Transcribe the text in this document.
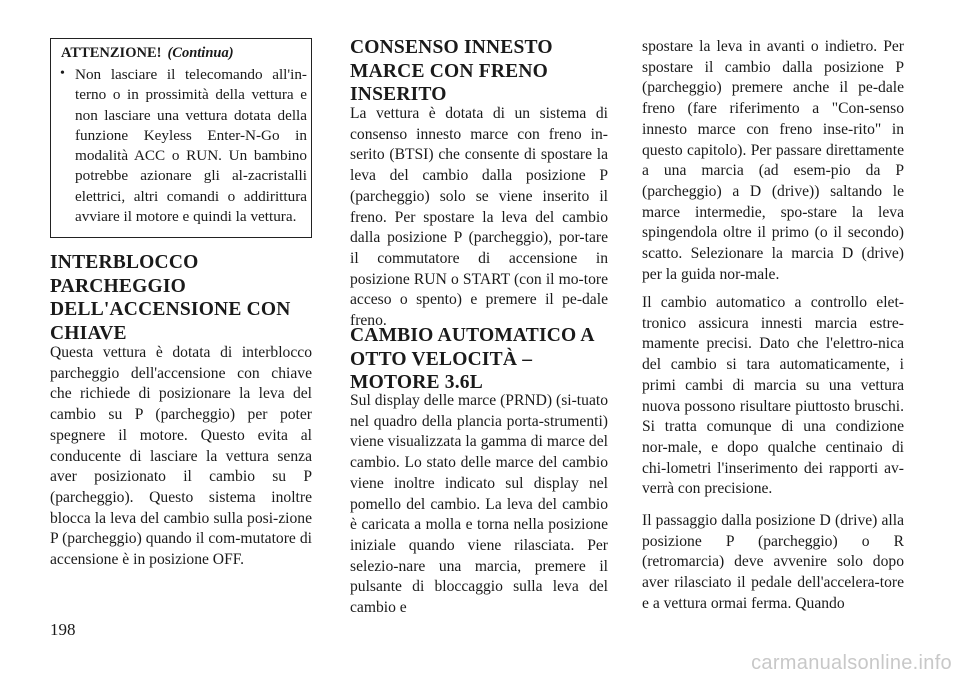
ATTENZIONE! (Continua)
• Non lasciare il telecomando all'in-terno o in prossimità della vettura e non lasciare una vettura dotata della funzione Keyless Enter-N-Go in modalità ACC o RUN. Un bambino potrebbe azionare gli al-zacristalli elettrici, altri comandi o addirittura avviare il motore e quindi la vettura.
INTERBLOCCO PARCHEGGIO DELL'ACCENSIONE CON CHIAVE

Questa vettura è dotata di interblocco parcheggio dell'accensione con chiave che richiede di posizionare la leva del cambio su P (parcheggio) per poter spegnere il motore. Questo evita al conducente di lasciare la vettura senza aver posizionato il cambio su P (parcheggio). Questo sistema inoltre blocca la leva del cambio sulla posi-zione P (parcheggio) quando il com-mutatore di accensione è in posizione OFF.

CONSENSO INNESTO MARCE CON FRENO INSERITO

La vettura è dotata di un sistema di consenso innesto marce con freno in-serito (BTSI) che consente di spostare la leva del cambio dalla posizione P (parcheggio) solo se viene inserito il freno. Per spostare la leva del cambio dalla posizione P (parcheggio), por-tare il commutatore di accensione in posizione RUN o START (con il mo-tore acceso o spento) e premere il pe-dale freno.

CAMBIO AUTOMATICO A OTTO VELOCITÀ – MOTORE 3.6L

Sul display delle marce (PRND) (si-tuato nel quadro della plancia porta-strumenti) viene visualizzata la gamma di marce del cambio. Lo stato delle marce del cambio viene inoltre indicato sul display nel pomello del cambio. La leva del cambio è caricata a molla e torna nella posizione iniziale quando viene rilasciata. Per selezio-nare una marcia, premere il pulsante di bloccaggio sulla leva del cambio e

spostare la leva in avanti o indietro. Per spostare il cambio dalla posizione P (parcheggio) premere anche il pe-dale freno (fare riferimento a "Con-senso innesto marce con freno inse-rito" in questo capitolo). Per passare direttamente a una marcia (ad esem-pio da P (parcheggio) a D (drive)) saltando le marce intermedie, spo-stare la leva spingendola oltre il primo (o il secondo) scatto. Selezionare la marcia D (drive) per la guida nor-male.

Il cambio automatico a controllo elet-tronico assicura innesti marcia estre-mamente precisi. Dato che l'elettro-nica del cambio si tara automaticamente, i primi cambi di marcia su una vettura nuova possono risultare piuttosto bruschi. Si tratta comunque di una condizione nor-male, e dopo qualche centinaio di chi-lometri l'inserimento dei rapporti av-verrà con precisione.

Il passaggio dalla posizione D (drive) alla posizione P (parcheggio) o R (retromarcia) deve avvenire solo dopo aver rilasciato il pedale dell'accelera-tore e a vettura ormai ferma. Quando

198
carmanualsonline.info
